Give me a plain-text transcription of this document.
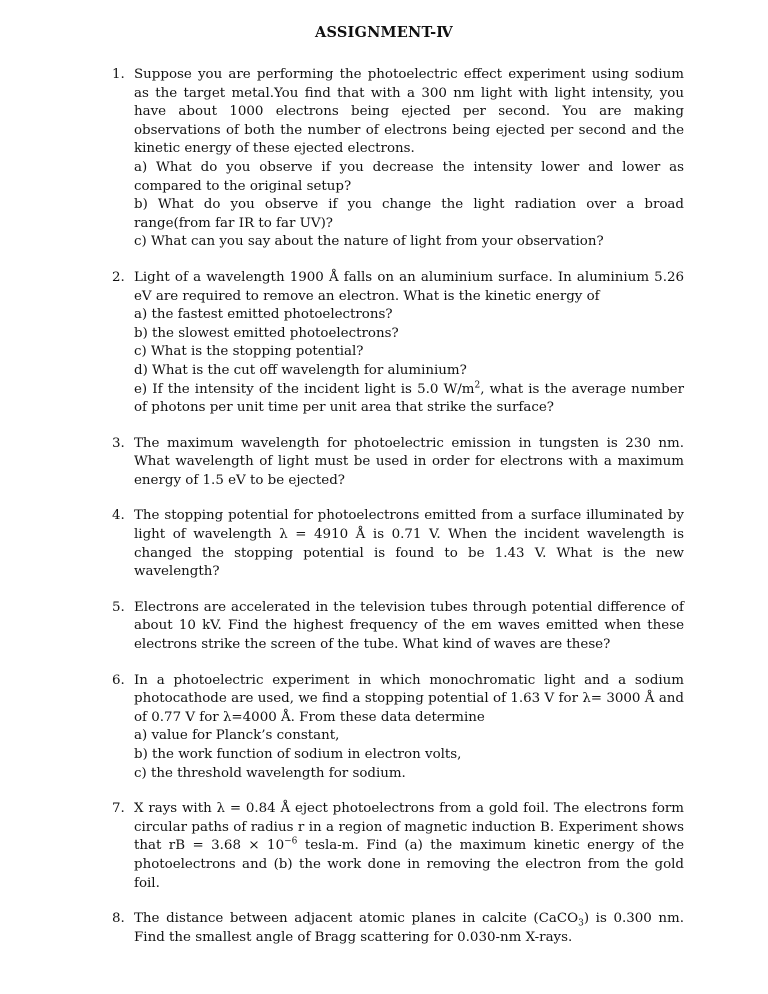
ASSIGNMENT-Ⅳ
1. Suppose you are performing the photoelectric effect experiment using sodium as the target metal.You find that with a 300 nm light with light intensity, you have about 1000 electrons being ejected per second. You are making observations of both the number of electrons being ejected per second and the kinetic energy of these ejected electrons.
a) What do you observe if you decrease the intensity lower and lower as compared to the original setup?
b) What do you observe if you change the light radiation over a broad range(from far IR to far UV)?
c) What can you say about the nature of light from your observation?
2. Light of a wavelength 1900 Å falls on an aluminium surface. In aluminium 5.26 eV are required to remove an electron. What is the kinetic energy of
a) the fastest emitted photoelectrons?
b) the slowest emitted photoelectrons?
c) What is the stopping potential?
d) What is the cut off wavelength for aluminium?
e) If the intensity of the incident light is 5.0 $W/m^2$, what is the average number of photons per unit time per unit area that strike the surface?
3. The maximum wavelength for photoelectric emission in tungsten is 230 nm. What wavelength of light must be used in order for electrons with a maximum energy of 1.5 eV to be ejected?
4. The stopping potential for photoelectrons emitted from a surface illuminated by light of wavelength λ = 4910 Å is 0.71 V. When the incident wavelength is changed the stopping potential is found to be 1.43 V. What is the new wavelength?
5. Electrons are accelerated in the television tubes through potential difference of about 10 kV. Find the highest frequency of the em waves emitted when these electrons strike the screen of the tube. What kind of waves are these?
6. In a photoelectric experiment in which monochromatic light and a sodium photocathode are used, we find a stopping potential of 1.63 V for λ= 3000 Å and of 0.77 V for λ=4000 Å. From these data determine
a) value for Planck’s constant,
b) the work function of sodium in electron volts,
c) the threshold wavelength for sodium.
7. X rays with λ = 0.84 Å eject photoelectrons from a gold foil. The electrons form circular paths of radius r in a region of magnetic induction B. Experiment shows that rB = $3.68 \times 10^{-6}$ tesla-m. Find (a) the maximum kinetic energy of the photoelectrons and (b) the work done in removing the electron from the gold foil.
8. The distance between adjacent atomic planes in calcite (CaCO$_3$) is 0.300 nm. Find the smallest angle of Bragg scattering for 0.030-nm X-rays.
